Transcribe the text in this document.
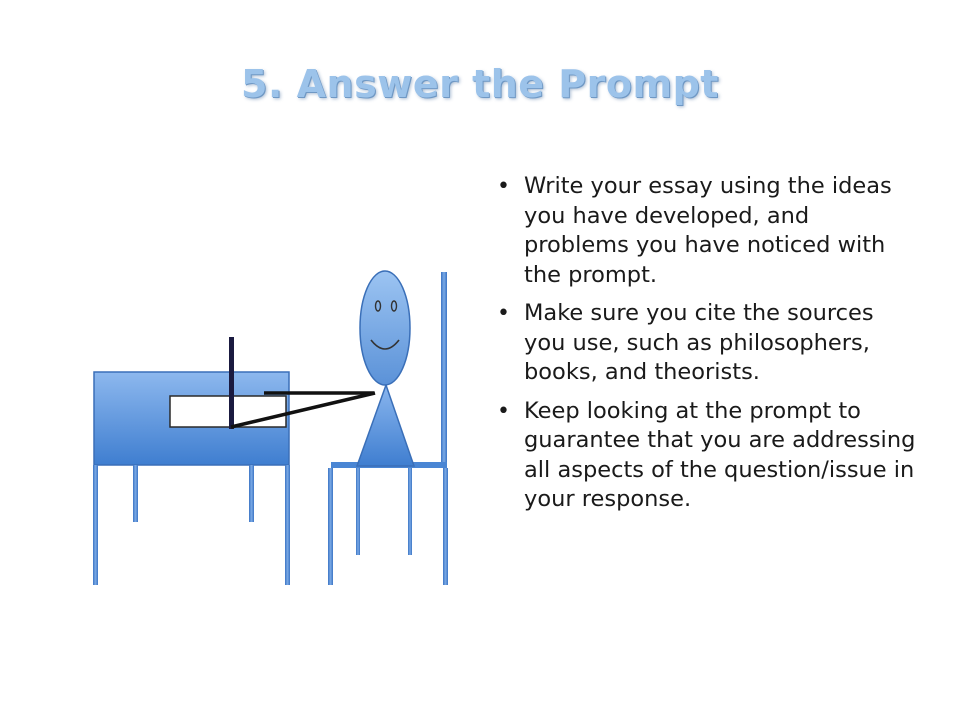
5. Answer the Prompt
• Write your essay using the ideas you have developed, and problems you have noticed with the prompt.
• Make sure you cite the sources you use, such as philosophers, books, and theorists.
• Keep looking at the prompt to guarantee that you are addressing all aspects of the question/issue in your response.
